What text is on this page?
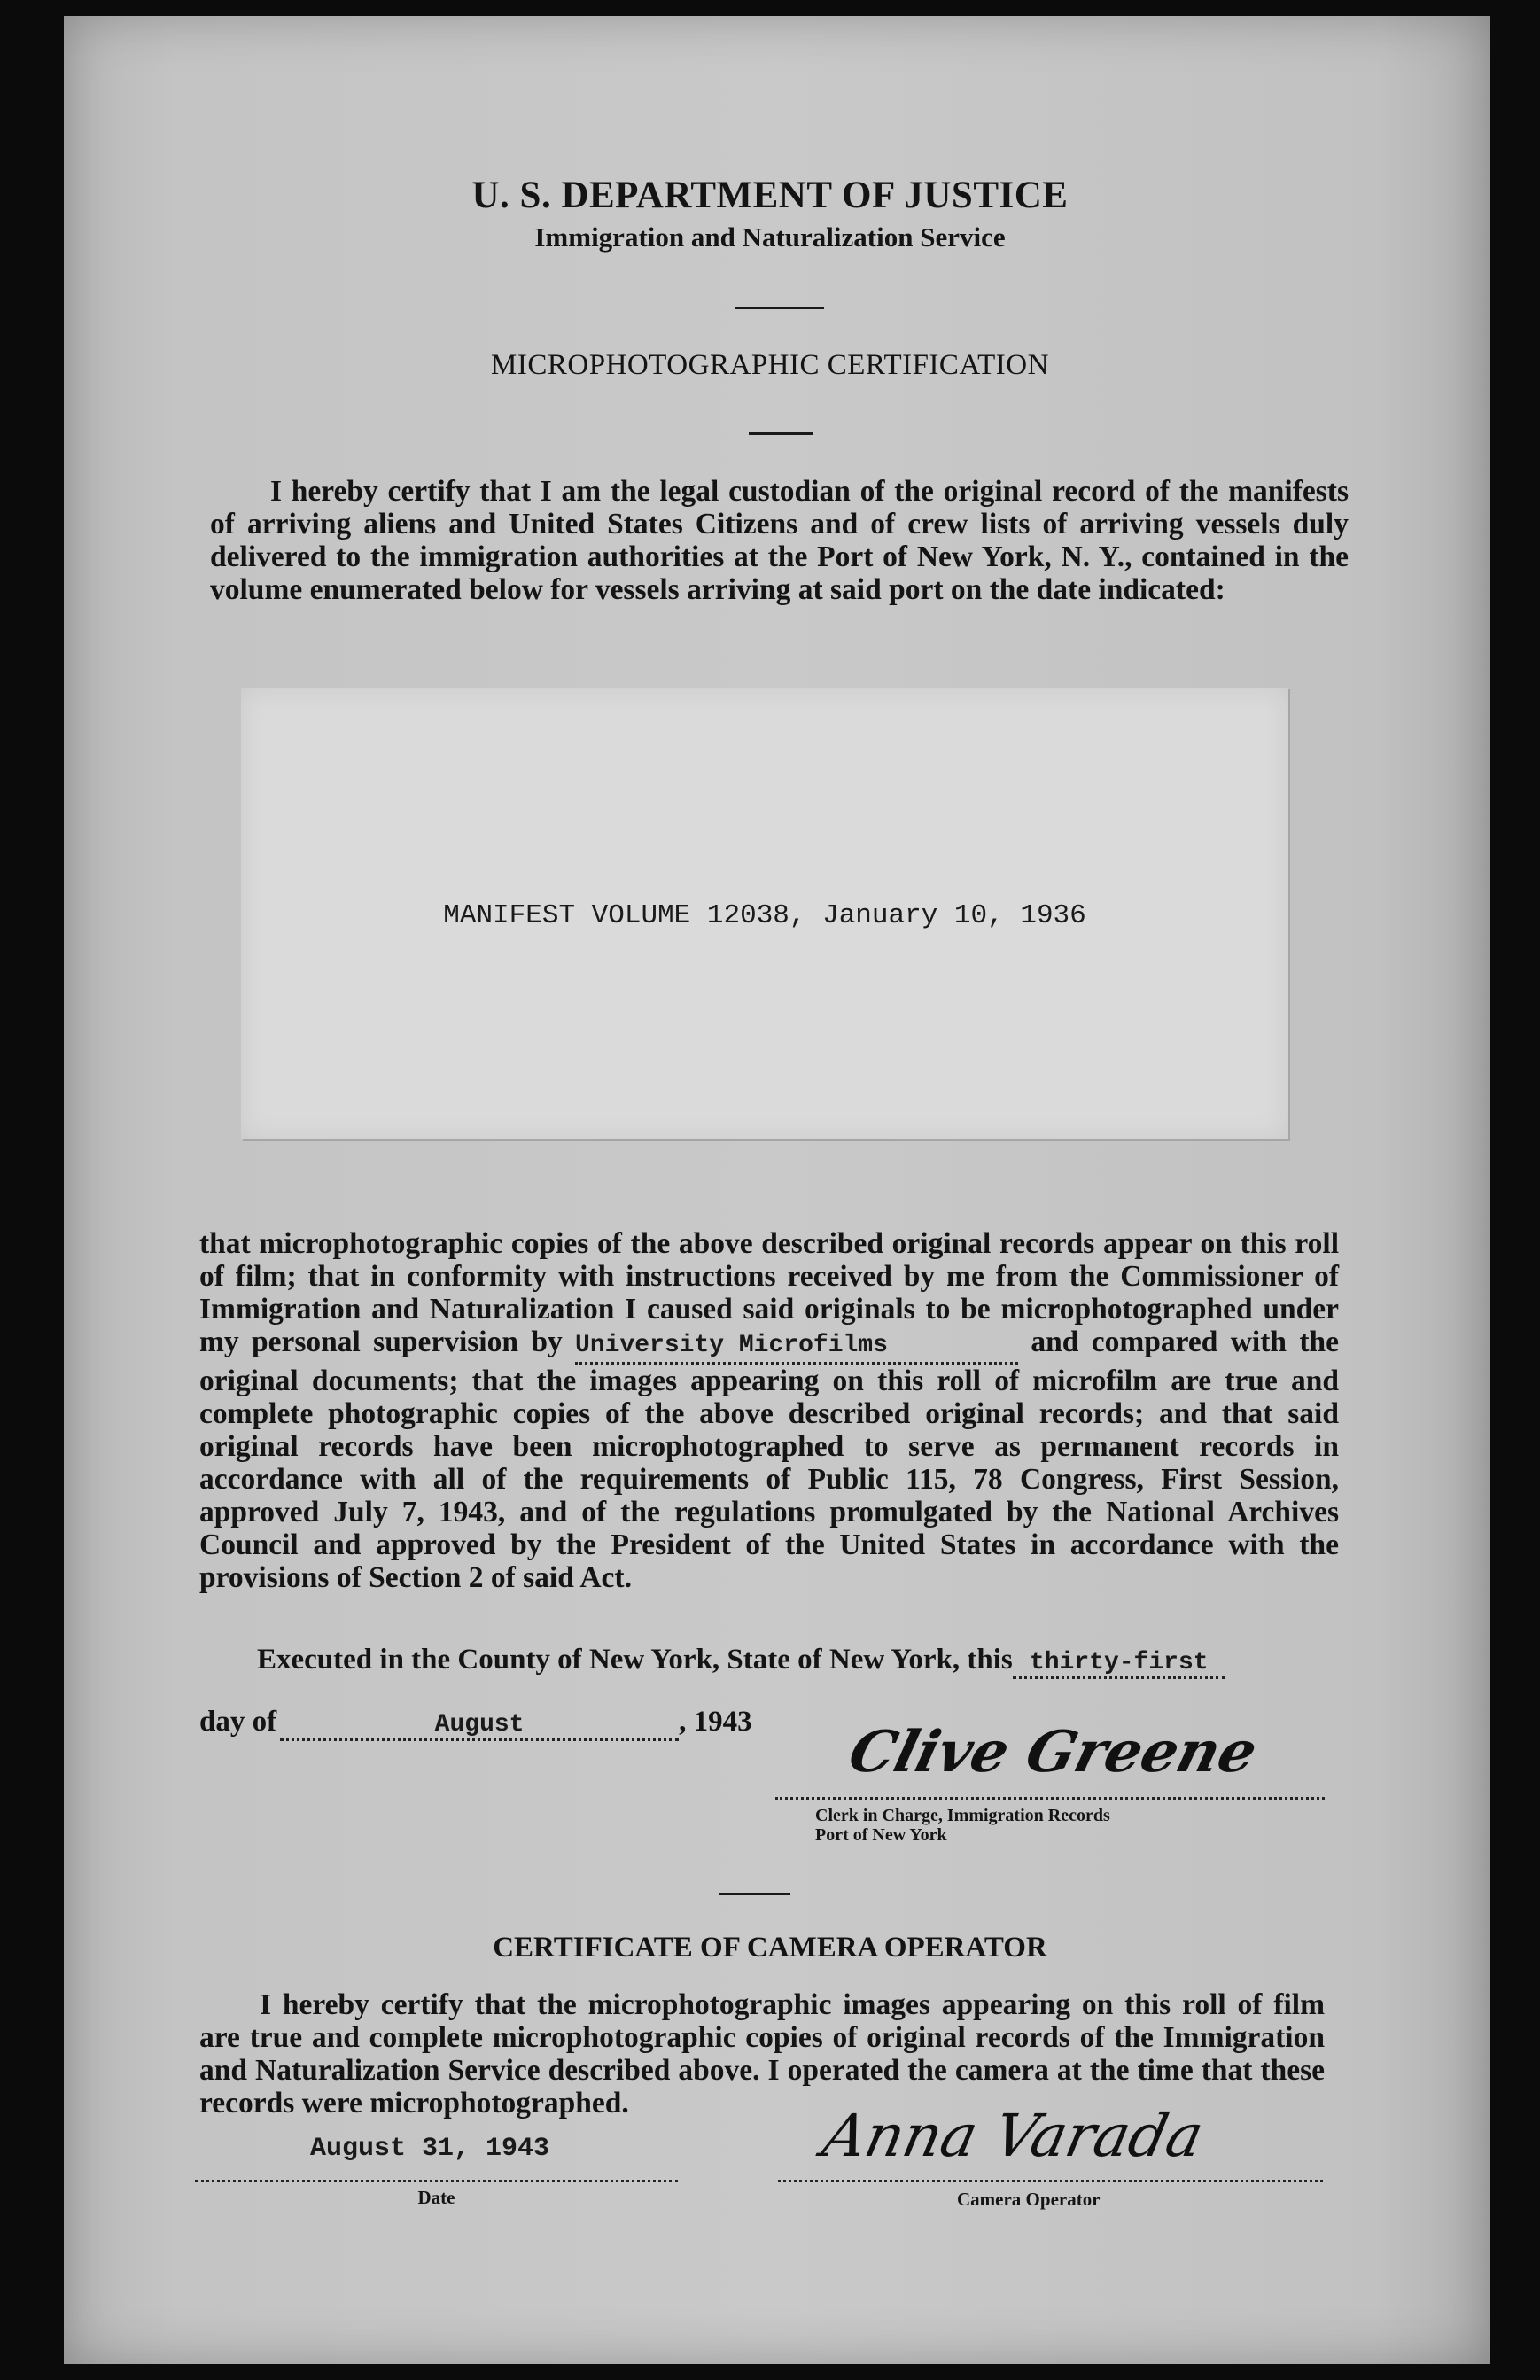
U. S. DEPARTMENT OF JUSTICE
Immigration and Naturalization Service
MICROPHOTOGRAPHIC CERTIFICATION
I hereby certify that I am the legal custodian of the original record of the manifests of arriving aliens and United States Citizens and of crew lists of arriving vessels duly delivered to the immigration authorities at the Port of New York, N. Y., contained in the volume enumerated below for vessels arriving at said port on the date indicated:
MANIFEST VOLUME 12038, January 10, 1936
that microphotographic copies of the above described original records appear on this roll of film; that in conformity with instructions received by me from the Commissioner of Immigration and Naturalization I caused said originals to be microphotographed under my personal supervision by University Microfilms	and compared with the original documents; that the images appearing on this roll of microfilm are true and complete photographic copies of the above described original records; and that said original records have been microphotographed to serve as permanent records in accordance with all of the requirements of Public 115, 78 Congress, First Session, approved July 7, 1943, and of the regulations promulgated by the National Archives Council and approved by the President of the United States in accordance with the provisions of Section 2 of said Act.
Executed in the County of New York, State of New York, this thirty-first
day of	August	, 1943 Clive Greene
Clerk in Charge, Immigration Records
Port of New York
CERTIFICATE OF CAMERA OPERATOR
I hereby certify that the microphotographic images appearing on this roll of film are true and complete microphotographic copies of original records of the Immigration and Naturalization Service described above. I operated the camera at the time that these records were microphotographed.
August 31, 1943
Date
Anna Varada
Camera Operator
